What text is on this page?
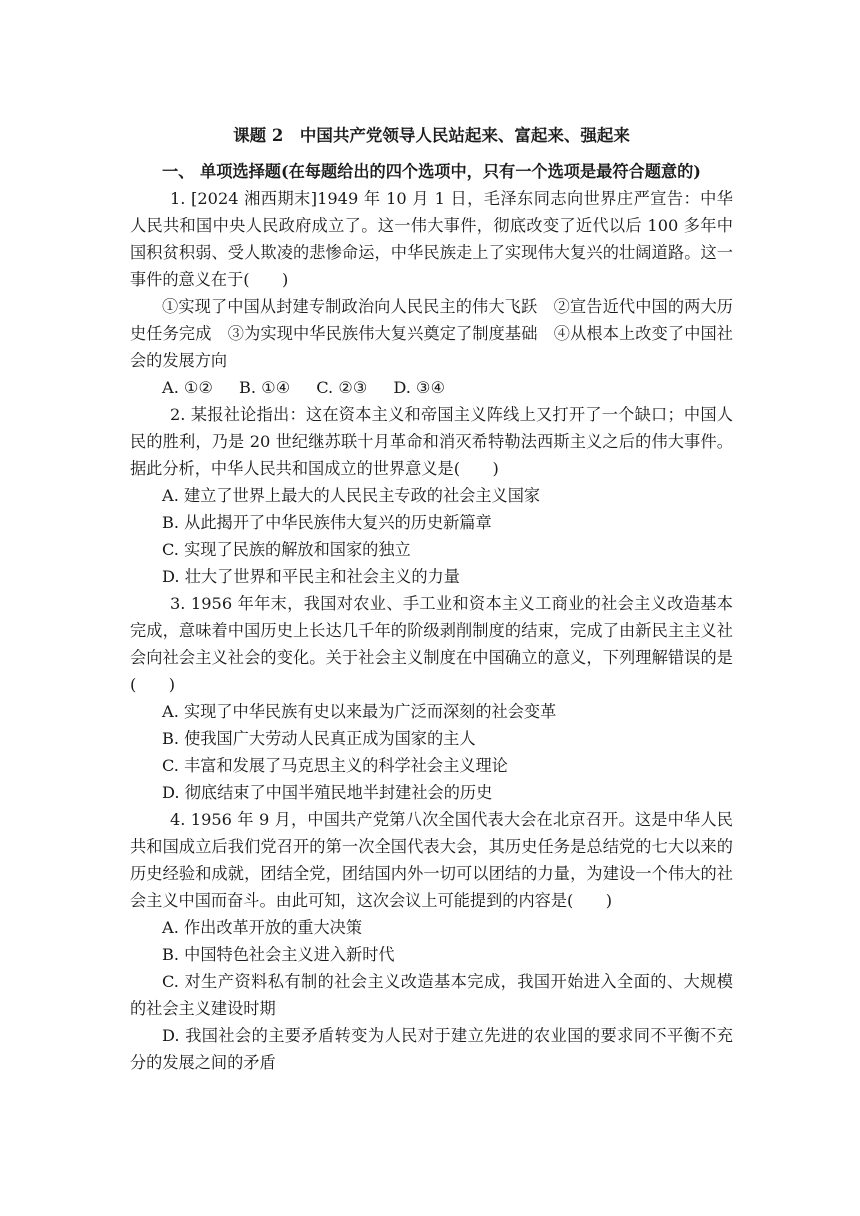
课题 2　中国共产党领导人民站起来、富起来、强起来

一、 单项选择题(在每题给出的四个选项中，只有一个选项是最符合题意的)

1. [2024 湘西期末]1949 年 10 月 1 日，毛泽东同志向世界庄严宣告：中华人民共和国中央人民政府成立了。这一伟大事件，彻底改变了近代以后 100 多年中国积贫积弱、受人欺凌的悲惨命运，中华民族走上了实现伟大复兴的壮阔道路。这一事件的意义在于(　　)

①实现了中国从封建专制政治向人民民主的伟大飞跃　②宣告近代中国的两大历史任务完成　③为实现中华民族伟大复兴奠定了制度基础　④从根本上改变了中国社会的发展方向

A. ①② B. ①④ C. ②③ D. ③④

2. 某报社论指出：这在资本主义和帝国主义阵线上又打开了一个缺口；中国人民的胜利，乃是 20 世纪继苏联十月革命和消灭希特勒法西斯主义之后的伟大事件。据此分析，中华人民共和国成立的世界意义是(　　)

A. 建立了世界上最大的人民民主专政的社会主义国家

B. 从此揭开了中华民族伟大复兴的历史新篇章

C. 实现了民族的解放和国家的独立

D. 壮大了世界和平民主和社会主义的力量

3. 1956 年年末，我国对农业、手工业和资本主义工商业的社会主义改造基本完成，意味着中国历史上长达几千年的阶级剥削制度的结束，完成了由新民主主义社会向社会主义社会的变化。关于社会主义制度在中国确立的意义，下列理解错误的是(　　)

A. 实现了中华民族有史以来最为广泛而深刻的社会变革

B. 使我国广大劳动人民真正成为国家的主人

C. 丰富和发展了马克思主义的科学社会主义理论

D. 彻底结束了中国半殖民地半封建社会的历史

4. 1956 年 9 月，中国共产党第八次全国代表大会在北京召开。这是中华人民共和国成立后我们党召开的第一次全国代表大会，其历史任务是总结党的七大以来的历史经验和成就，团结全党，团结国内外一切可以团结的力量，为建设一个伟大的社会主义中国而奋斗。由此可知，这次会议上可能提到的内容是(　　)

A. 作出改革开放的重大决策

B. 中国特色社会主义进入新时代

C. 对生产资料私有制的社会主义改造基本完成，我国开始进入全面的、大规模的社会主义建设时期

D. 我国社会的主要矛盾转变为人民对于建立先进的农业国的要求同不平衡不充分的发展之间的矛盾
